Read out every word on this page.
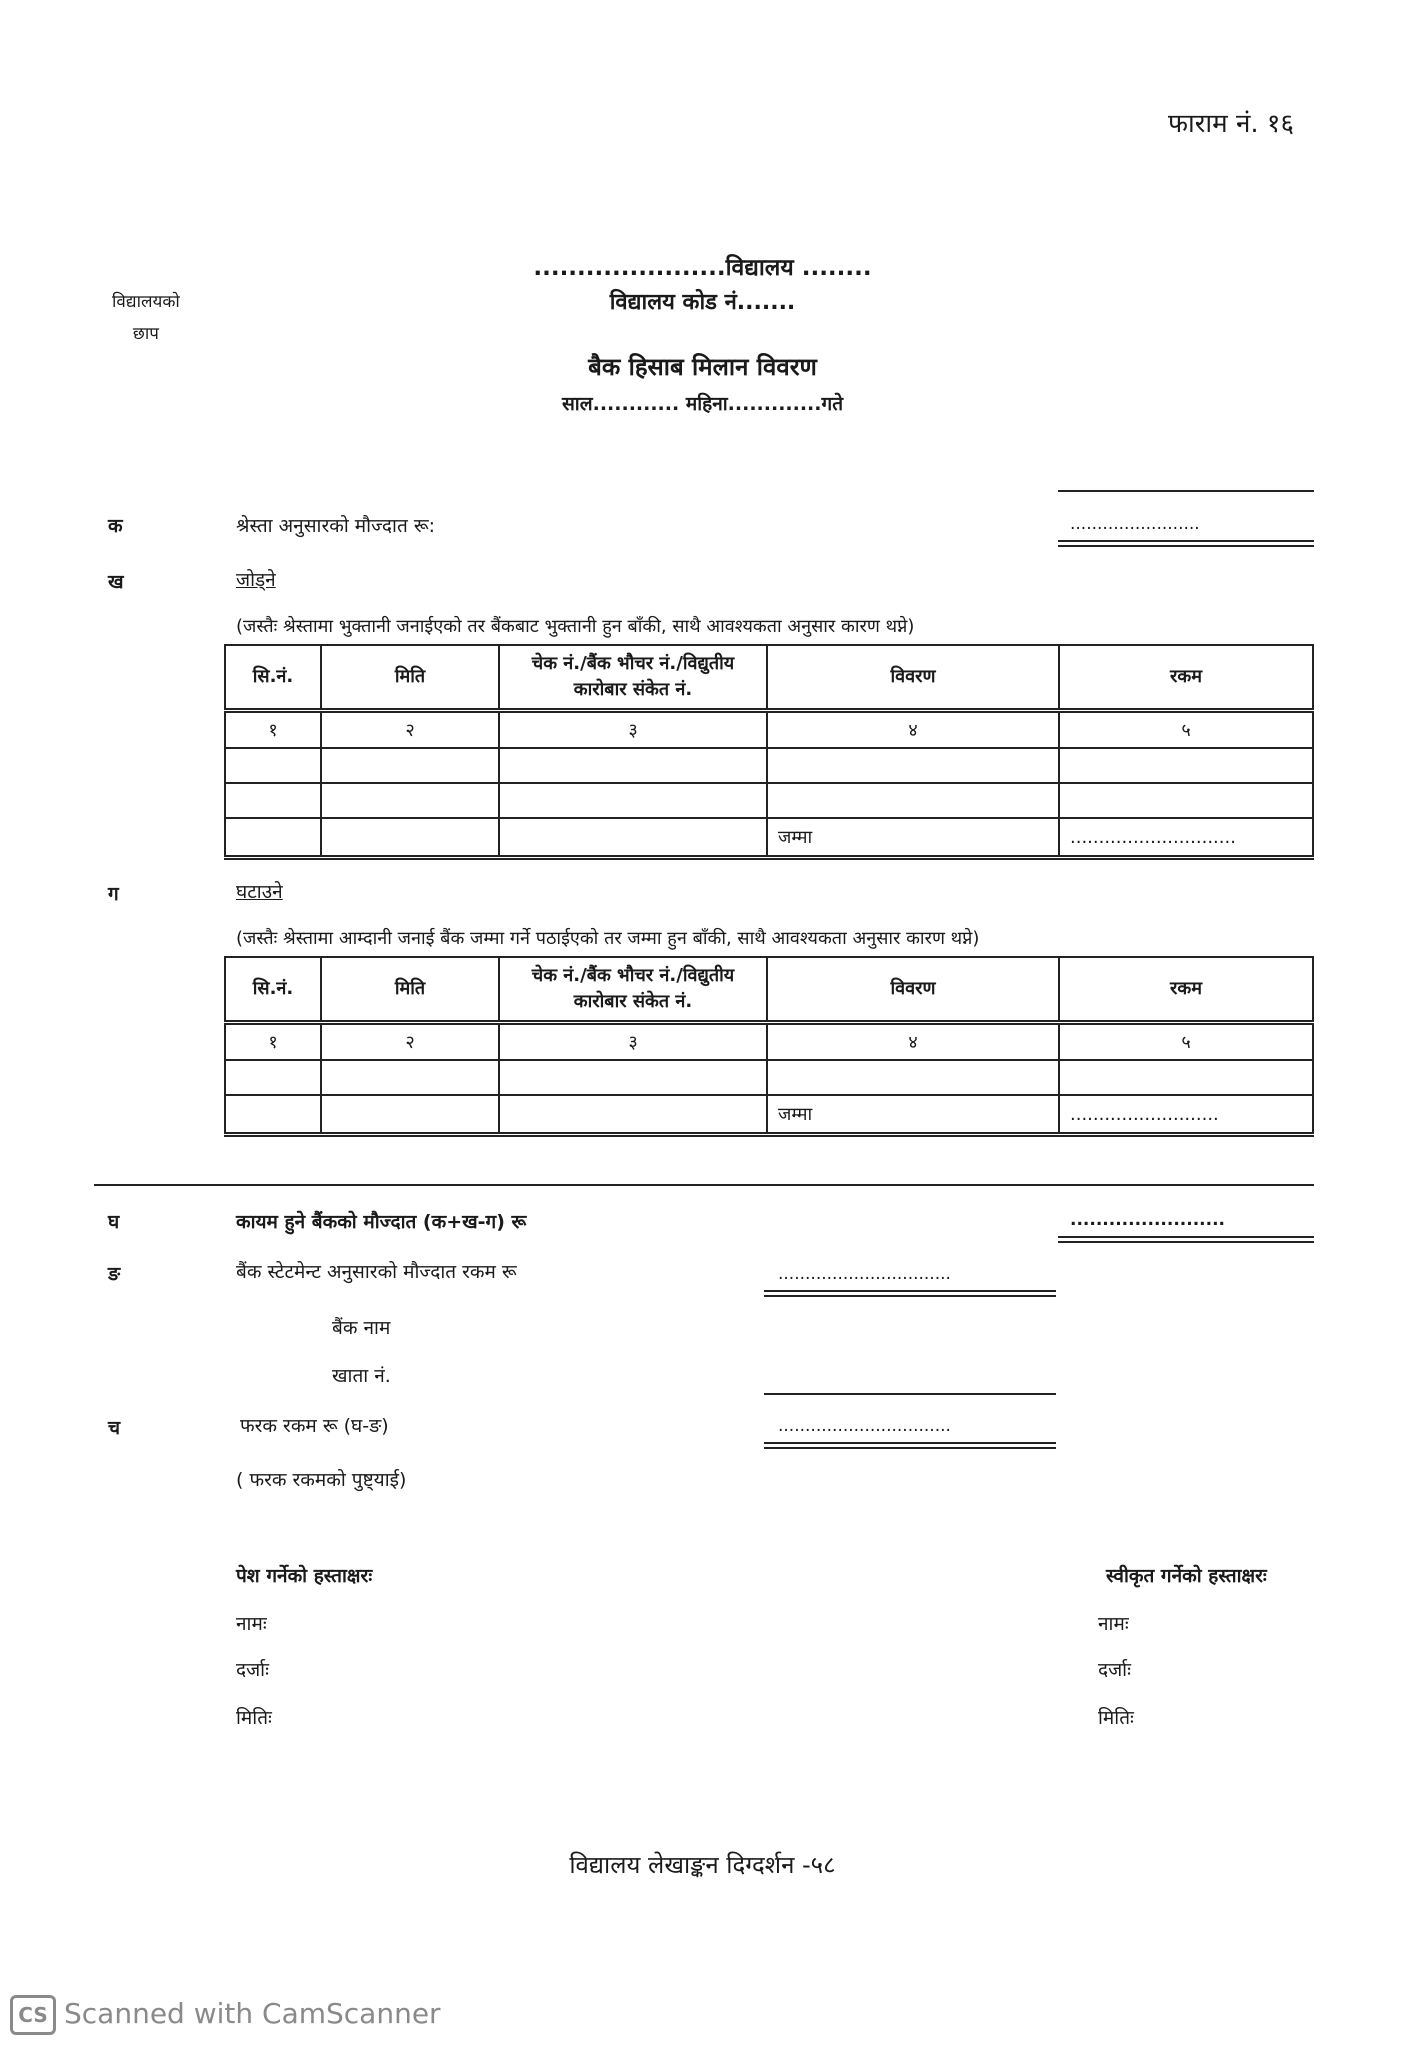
फाराम नं. १६
विद्यालयको
छाप
......................विद्यालय ........
विद्यालय कोड नं.......
बैक हिसाब मिलान विवरण
साल............ महिना.............गते
क	श्रेस्ता अनुसारको मौज्दात रू:	........................
ख	जोड्ने
(जस्तैः श्रेस्तामा भुक्तानी जनाईएको तर बैंकबाट भुक्तानी हुन बाँकी, साथै आवश्यकता अनुसार कारण थप्ने)
सि.नं.	मिति	चेक नं./बैंक भौचर नं./विद्युतीय कारोबार संकेत नं.	विवरण	रकम
१	२	३	४	५

			जम्मा	.............................
ग	घटाउने
(जस्तैः श्रेस्तामा आम्दानी जनाई बैंक जम्मा गर्ने पठाईएको तर जम्मा हुन बाँकी, साथै आवश्यकता अनुसार कारण थप्ने)
सि.नं.	मिति	चेक नं./बैंक भौचर नं./विद्युतीय कारोबार संकेत नं.	विवरण	रकम
१	२	३	४	५

			जम्मा	..........................
घ	कायम हुने बैंकको मौज्दात (क+ख-ग) रू	........................
ङ	बैंक स्टेटमेन्ट अनुसारको मौज्दात रकम रू	................................
बैंक नाम
खाता नं.
च	फरक रकम रू (घ-ङ)	................................
( फरक रकमको पुष्ट्याई)
पेश गर्नेको हस्ताक्षरः
नामः
दर्जाः
मितिः
स्वीकृत गर्नेको हस्ताक्षरः
नामः
दर्जाः
मितिः
विद्यालय लेखाङ्कन दिग्दर्शन -५८
CS Scanned with CamScanner
